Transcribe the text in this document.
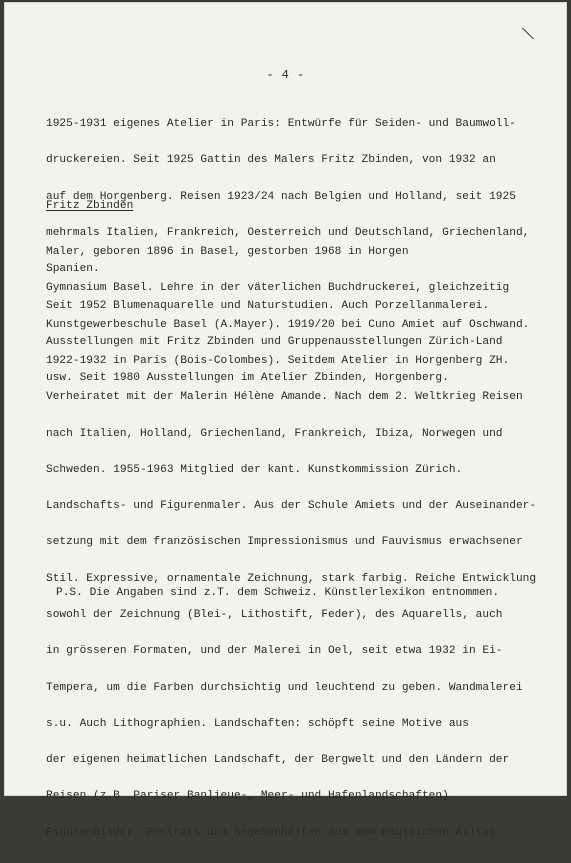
╲
- 4 -

1925-1931 eigenes Atelier in Paris: Entwürfe für Seiden- und Baumwoll-

druckereien. Seit 1925 Gattin des Malers Fritz Zbinden, von 1932 an

auf dem Horgenberg. Reisen 1923/24 nach Belgien und Holland, seit 1925

mehrmals Italien, Frankreich, Oesterreich und Deutschland, Griechenland,

Spanien.

Seit 1952 Blumenaquarelle und Naturstudien. Auch Porzellanmalerei.

Ausstellungen mit Fritz Zbinden und Gruppenausstellungen Zürich-Land

usw. Seit 1980 Ausstellungen im Atelier Zbinden, Horgenberg.

Fritz Zbinden

Maler, geboren 1896 in Basel, gestorben 1968 in Horgen

Gymnasium Basel. Lehre in der väterlichen Buchdruckerei, gleichzeitig

Kunstgewerbeschule Basel (A.Mayer). 1919/20 bei Cuno Amiet auf Oschwand.

1922-1932 in Paris (Bois-Colombes). Seitdem Atelier in Horgenberg ZH.

Verheiratet mit der Malerin Hélène Amande. Nach dem 2. Weltkrieg Reisen

nach Italien, Holland, Griechenland, Frankreich, Ibiza, Norwegen und

Schweden. 1955-1963 Mitglied der kant. Kunstkommission Zürich.

Landschafts- und Figurenmaler. Aus der Schule Amiets und der Auseinander-

setzung mit dem französischen Impressionismus und Fauvismus erwachsener

Stil. Expressive, ornamentale Zeichnung, stark farbig. Reiche Entwicklung

sowohl der Zeichnung (Blei-, Lithostift, Feder), des Aquarells, auch

in grösseren Formaten, und der Malerei in Oel, seit etwa 1932 in Ei-

Tempera, um die Farben durchsichtig und leuchtend zu geben. Wandmalerei

s.u. Auch Lithographien. Landschaften: schöpft seine Motive aus

der eigenen heimatlichen Landschaft, der Bergwelt und den Ländern der

Reisen (z.B. Pariser Banlieue-, Meer- und Hafenlandschaften).

Figurenbilder: Porträts und Begebenheiten aus dem häuslichen Alltag.

P.S. Die Angaben sind z.T. dem Schweiz. Künstlerlexikon entnommen.
